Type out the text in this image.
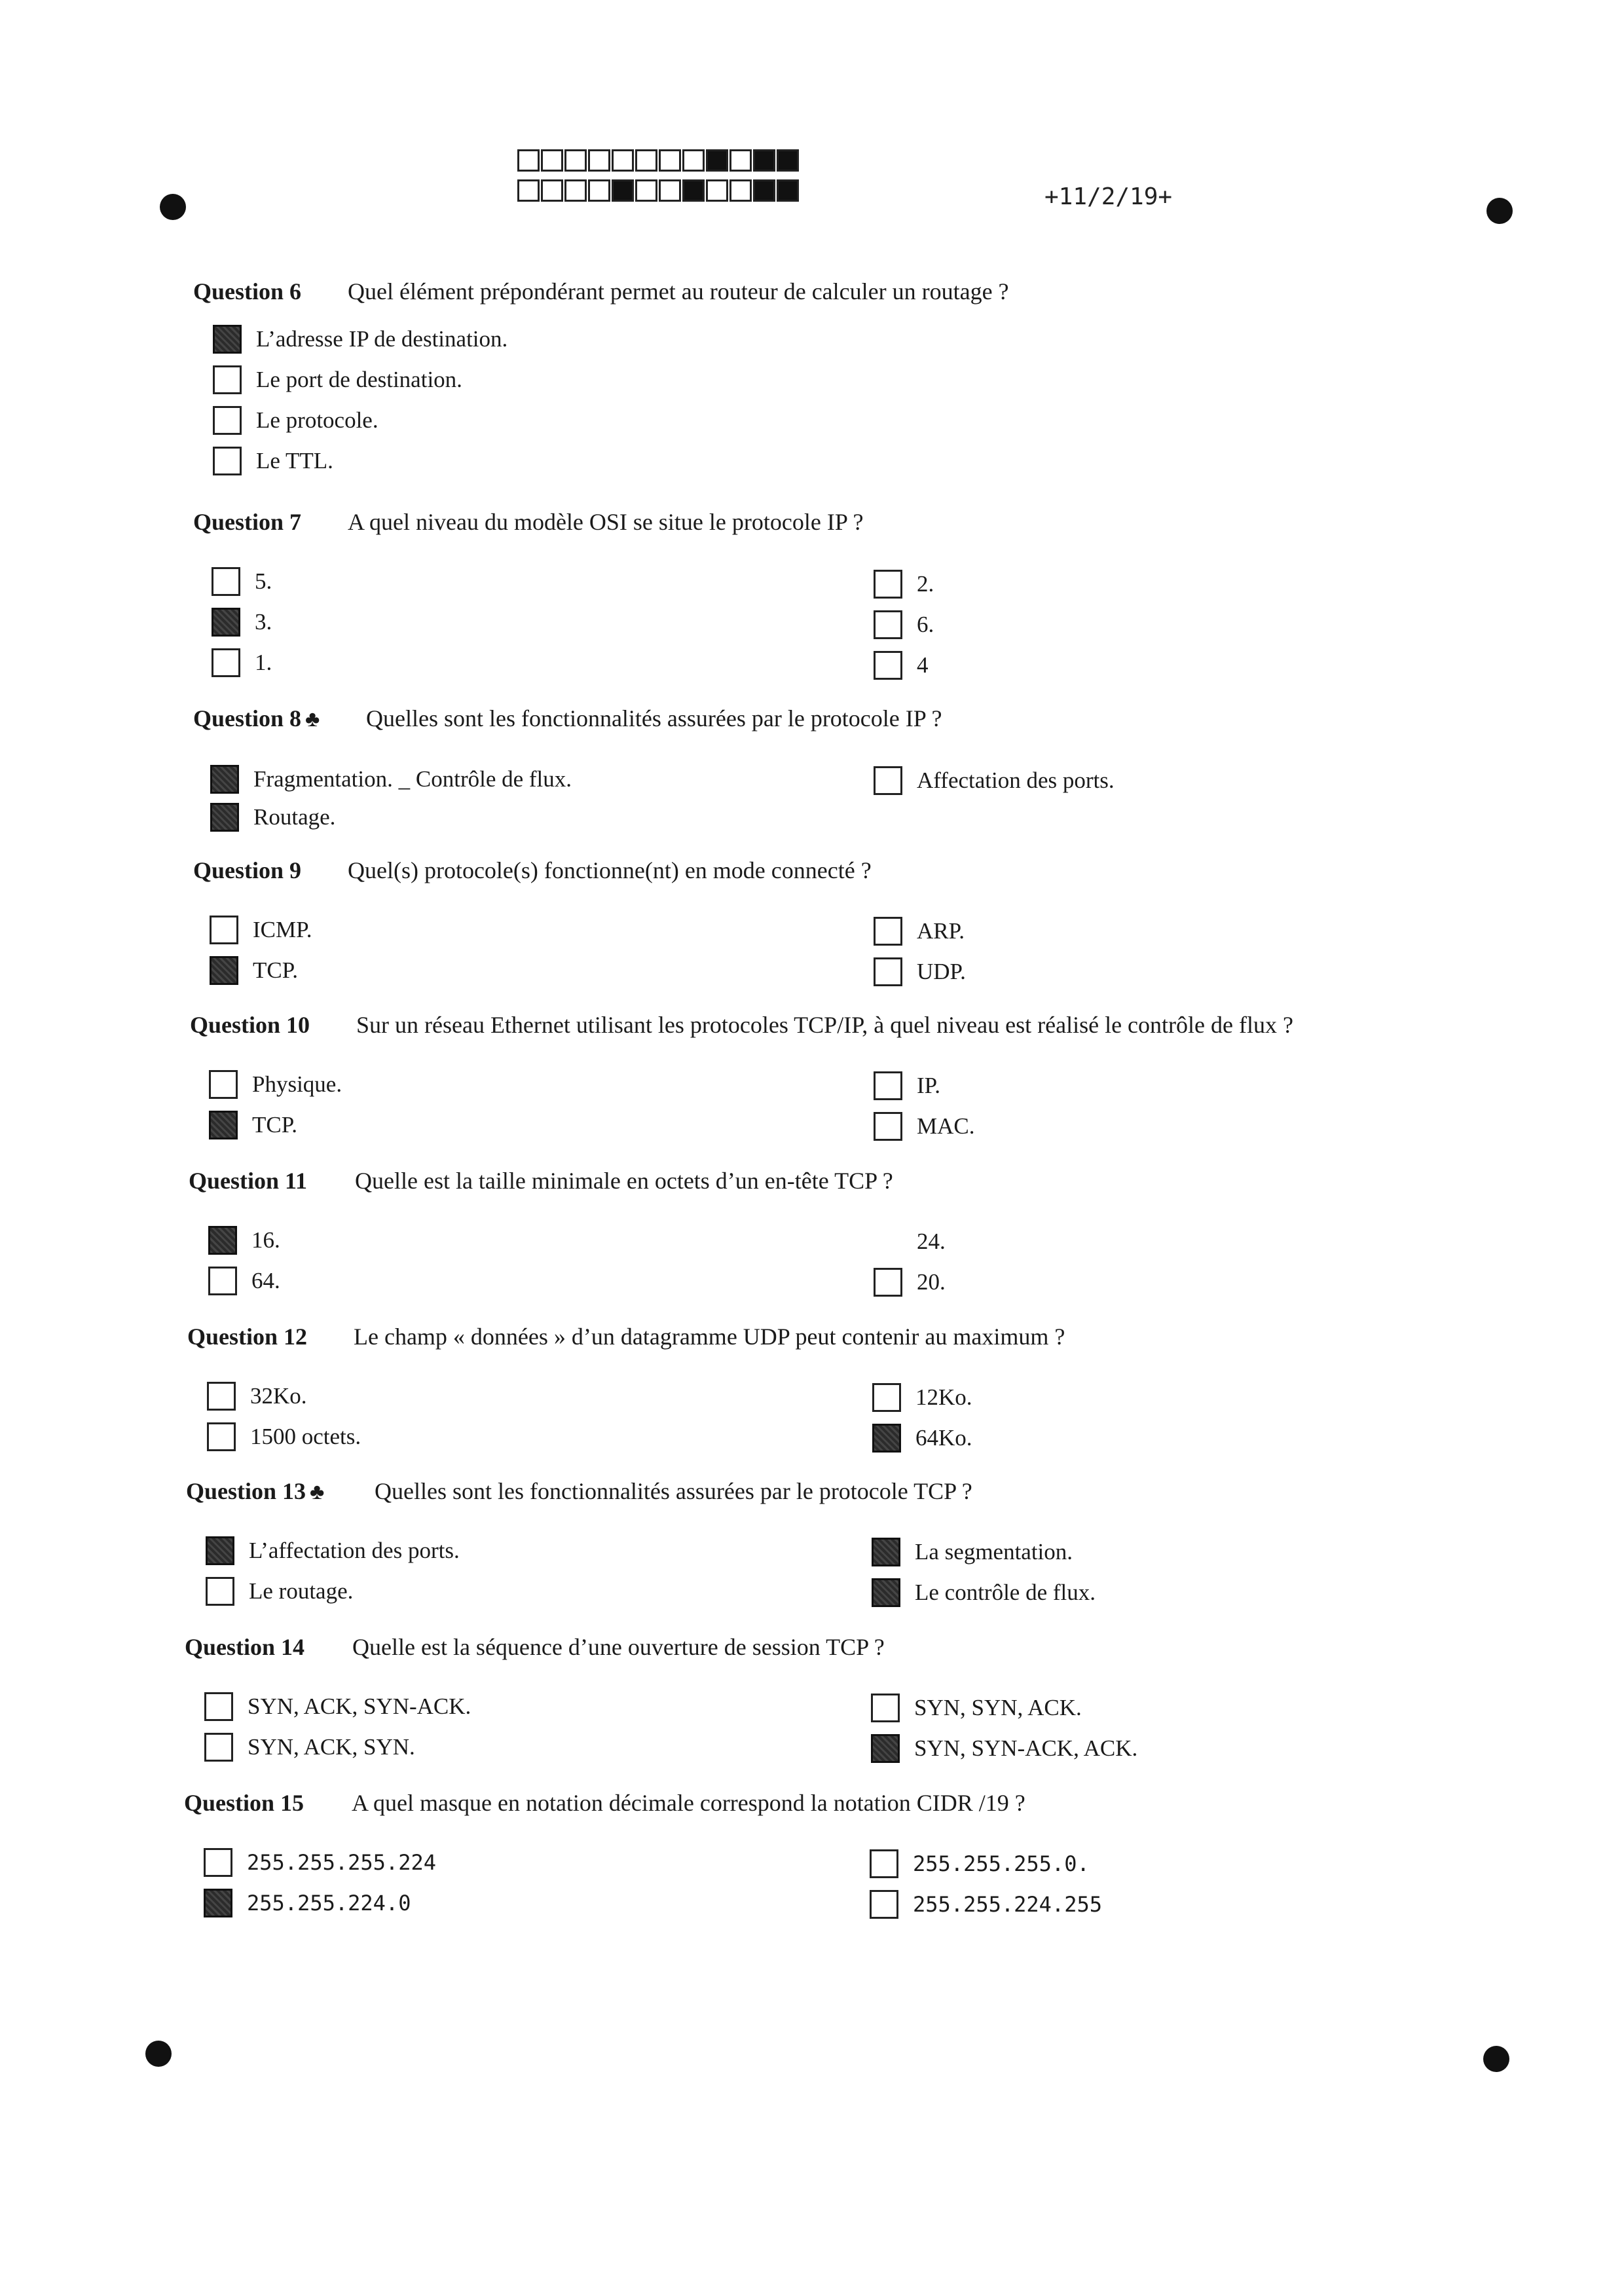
+11/2/19+
Question 6 Quel élément prépondérant permet au routeur de calculer un routage ?
L’adresse IP de destination.
Le port de destination.
Le protocole.
Le TTL.
Question 7 A quel niveau du modèle OSI se situe le protocole IP ?
5.
3.
1.
2.
6.
4
Question 8 ♣ Quelles sont les fonctionnalités assurées par le protocole IP ?
Fragmentation. _ Contrôle de flux.
Routage.
Affectation des ports.
Question 9 Quel(s) protocole(s) fonctionne(nt) en mode connecté ?
ICMP.
TCP.
ARP.
UDP.
Question 10 Sur un réseau Ethernet utilisant les protocoles TCP/IP, à quel niveau est réalisé le contrôle de flux ?
Physique.
TCP.
IP.
MAC.
Question 11 Quelle est la taille minimale en octets d’un en-tête TCP ?
16.
64.
24.
20.
Question 12 Le champ « données » d’un datagramme UDP peut contenir au maximum ?
32Ko.
1500 octets.
12Ko.
64Ko.
Question 13 ♣ Quelles sont les fonctionnalités assurées par le protocole TCP ?
L’affectation des ports.
Le routage.
La segmentation.
Le contrôle de flux.
Question 14 Quelle est la séquence d’une ouverture de session TCP ?
SYN, ACK, SYN-ACK.
SYN, ACK, SYN.
SYN, SYN, ACK.
SYN, SYN-ACK, ACK.
Question 15 A quel masque en notation décimale correspond la notation CIDR /19 ?
255.255.255.224
255.255.224.0
255.255.255.0.
255.255.224.255
